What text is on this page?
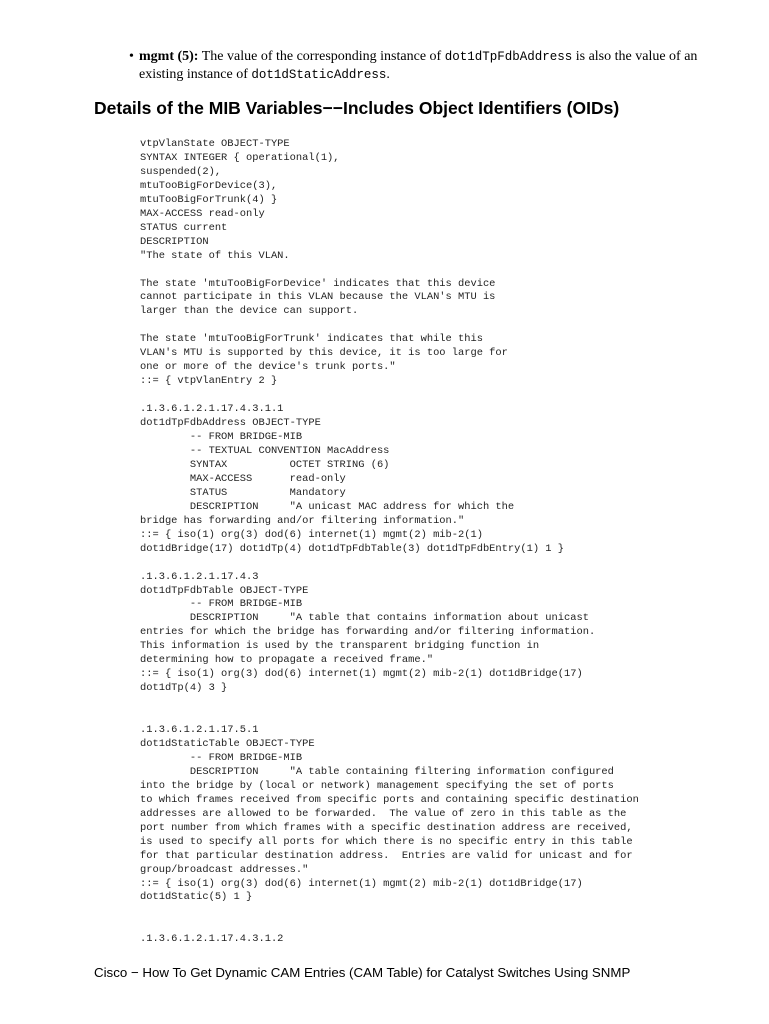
• mgmt (5): The value of the corresponding instance of dot1dTpFdbAddress is also the value of an existing instance of dot1dStaticAddress.
Details of the MIB Variables−−Includes Object Identifiers (OIDs)
vtpVlanState OBJECT-TYPE
SYNTAX INTEGER { operational(1),
suspended(2),
mtuTooBigForDevice(3),
mtuTooBigForTrunk(4) }
MAX-ACCESS read-only
STATUS current
DESCRIPTION
"The state of this VLAN.

The state 'mtuTooBigForDevice' indicates that this device
cannot participate in this VLAN because the VLAN's MTU is
larger than the device can support.

The state 'mtuTooBigForTrunk' indicates that while this
VLAN's MTU is supported by this device, it is too large for
one or more of the device's trunk ports."
::= { vtpVlanEntry 2 }

.1.3.6.1.2.1.17.4.3.1.1
dot1dTpFdbAddress OBJECT-TYPE
-- FROM BRIDGE-MIB
-- TEXTUAL CONVENTION MacAddress
SYNTAX          OCTET STRING (6)
MAX-ACCESS      read-only
STATUS          Mandatory
DESCRIPTION     "A unicast MAC address for which the
bridge has forwarding and/or filtering information."
::= { iso(1) org(3) dod(6) internet(1) mgmt(2) mib-2(1)
dot1dBridge(17) dot1dTp(4) dot1dTpFdbTable(3) dot1dTpFdbEntry(1) 1 }

.1.3.6.1.2.1.17.4.3
dot1dTpFdbTable OBJECT-TYPE
-- FROM BRIDGE-MIB
DESCRIPTION     "A table that contains information about unicast
entries for which the bridge has forwarding and/or filtering information.
This information is used by the transparent bridging function in
determining how to propagate a received frame."
::= { iso(1) org(3) dod(6) internet(1) mgmt(2) mib-2(1) dot1dBridge(17)
dot1dTp(4) 3 }

.1.3.6.1.2.1.17.5.1
dot1dStaticTable OBJECT-TYPE
-- FROM BRIDGE-MIB
DESCRIPTION     "A table containing filtering information configured
into the bridge by (local or network) management specifying the set of ports
to which frames received from specific ports and containing specific destination
addresses are allowed to be forwarded.  The value of zero in this table as the
port number from which frames with a specific destination address are received,
is used to specify all ports for which there is no specific entry in this table
for that particular destination address.  Entries are valid for unicast and for
group/broadcast addresses."
::= { iso(1) org(3) dod(6) internet(1) mgmt(2) mib-2(1) dot1dBridge(17)
dot1dStatic(5) 1 }

.1.3.6.1.2.1.17.4.3.1.2
Cisco − How To Get Dynamic CAM Entries (CAM Table) for Catalyst Switches Using SNMP
